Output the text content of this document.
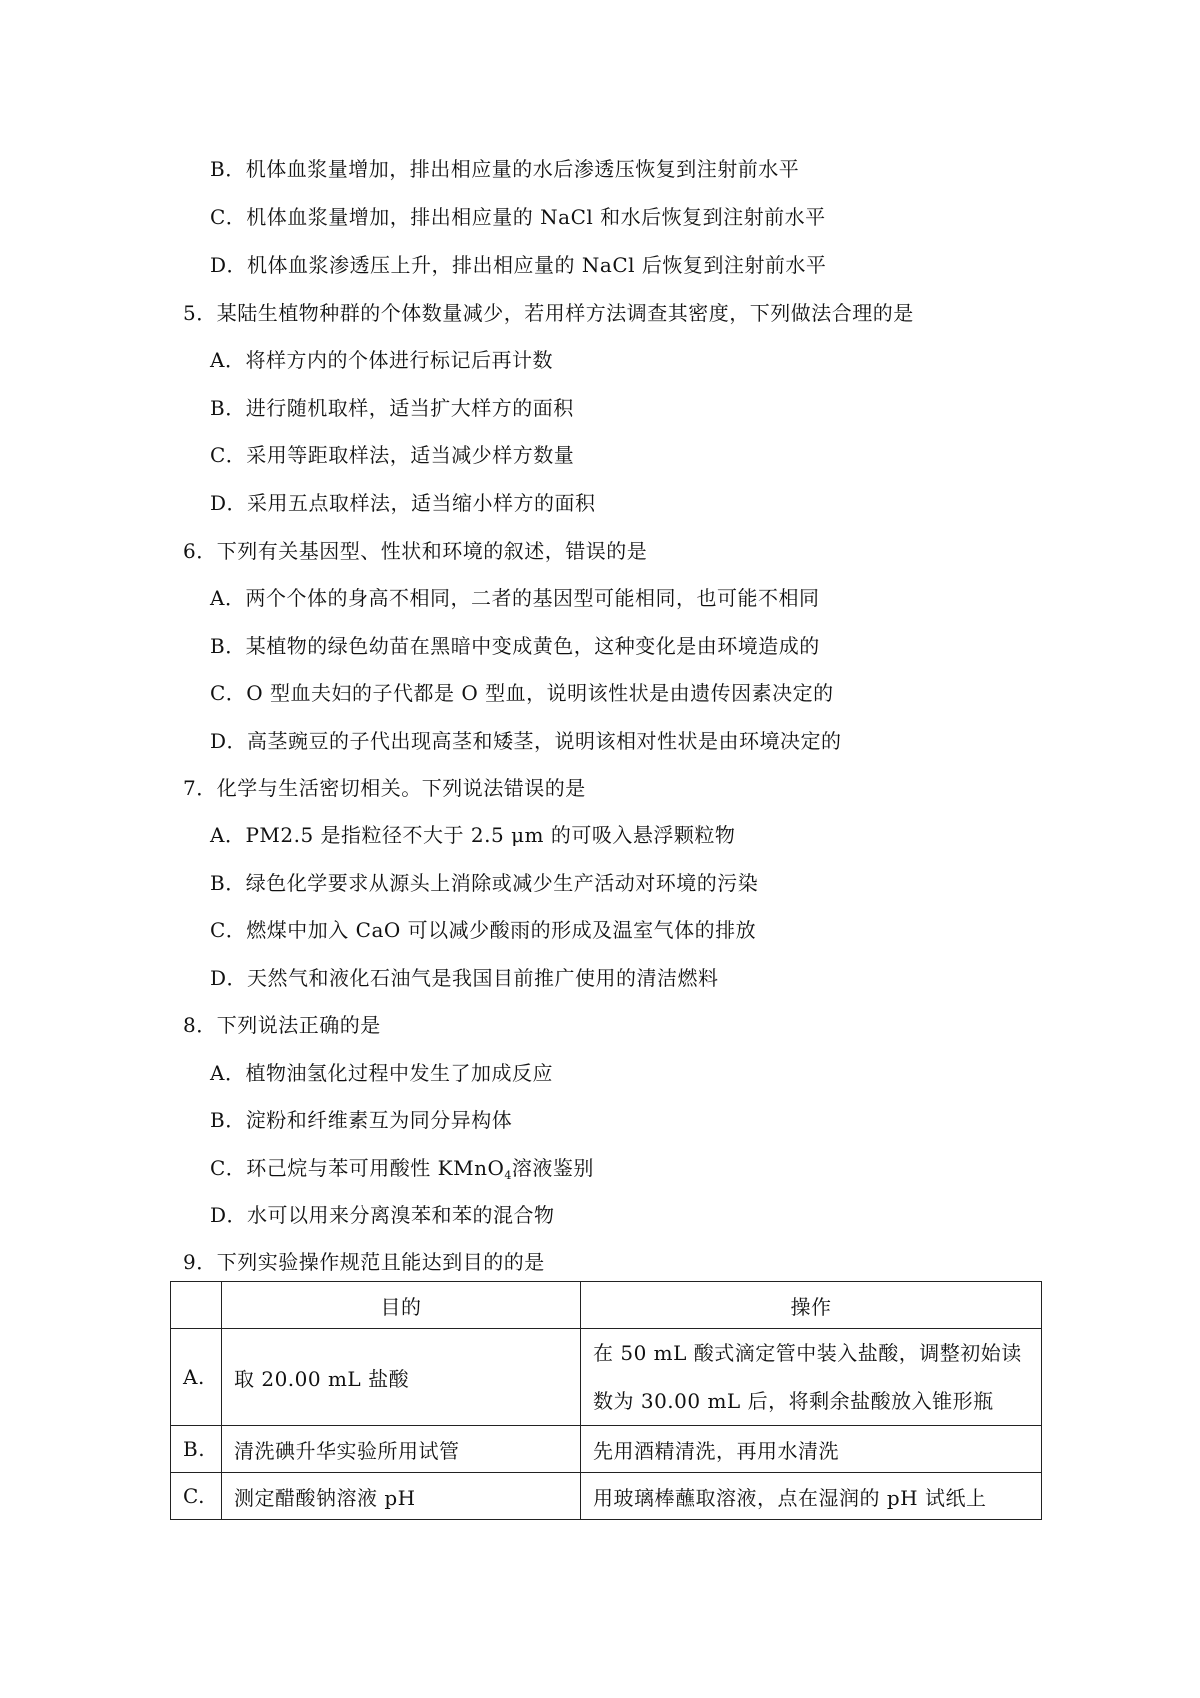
B．机体血浆量增加，排出相应量的水后渗透压恢复到注射前水平
C．机体血浆量增加，排出相应量的 NaCl 和水后恢复到注射前水平
D．机体血浆渗透压上升，排出相应量的 NaCl 后恢复到注射前水平
5．某陆生植物种群的个体数量减少，若用样方法调查其密度，下列做法合理的是
A．将样方内的个体进行标记后再计数
B．进行随机取样，适当扩大样方的面积
C．采用等距取样法，适当减少样方数量
D．采用五点取样法，适当缩小样方的面积
6．下列有关基因型、性状和环境的叙述，错误的是
A．两个个体的身高不相同，二者的基因型可能相同，也可能不相同
B．某植物的绿色幼苗在黑暗中变成黄色，这种变化是由环境造成的
C．O 型血夫妇的子代都是 O 型血，说明该性状是由遗传因素决定的
D．高茎豌豆的子代出现高茎和矮茎，说明该相对性状是由环境决定的
7．化学与生活密切相关。下列说法错误的是
A．PM2.5 是指粒径不大于 2.5 μm 的可吸入悬浮颗粒物
B．绿色化学要求从源头上消除或减少生产活动对环境的污染
C．燃煤中加入 CaO 可以减少酸雨的形成及温室气体的排放
D．天然气和液化石油气是我国目前推广使用的清洁燃料
8．下列说法正确的是
A．植物油氢化过程中发生了加成反应
B．淀粉和纤维素互为同分异构体
C．环己烷与苯可用酸性 KMnO$_4$溶液鉴别
D．水可以用来分离溴苯和苯的混合物
9．下列实验操作规范且能达到目的的是
	目的	操作
A.	取 20.00 mL 盐酸	在 50 mL 酸式滴定管中装入盐酸，调整初始读数为 30.00 mL 后，将剩余盐酸放入锥形瓶
B.	清洗碘升华实验所用试管	先用酒精清洗，再用水清洗
C.	测定醋酸钠溶液 pH	用玻璃棒蘸取溶液，点在湿润的 pH 试纸上
